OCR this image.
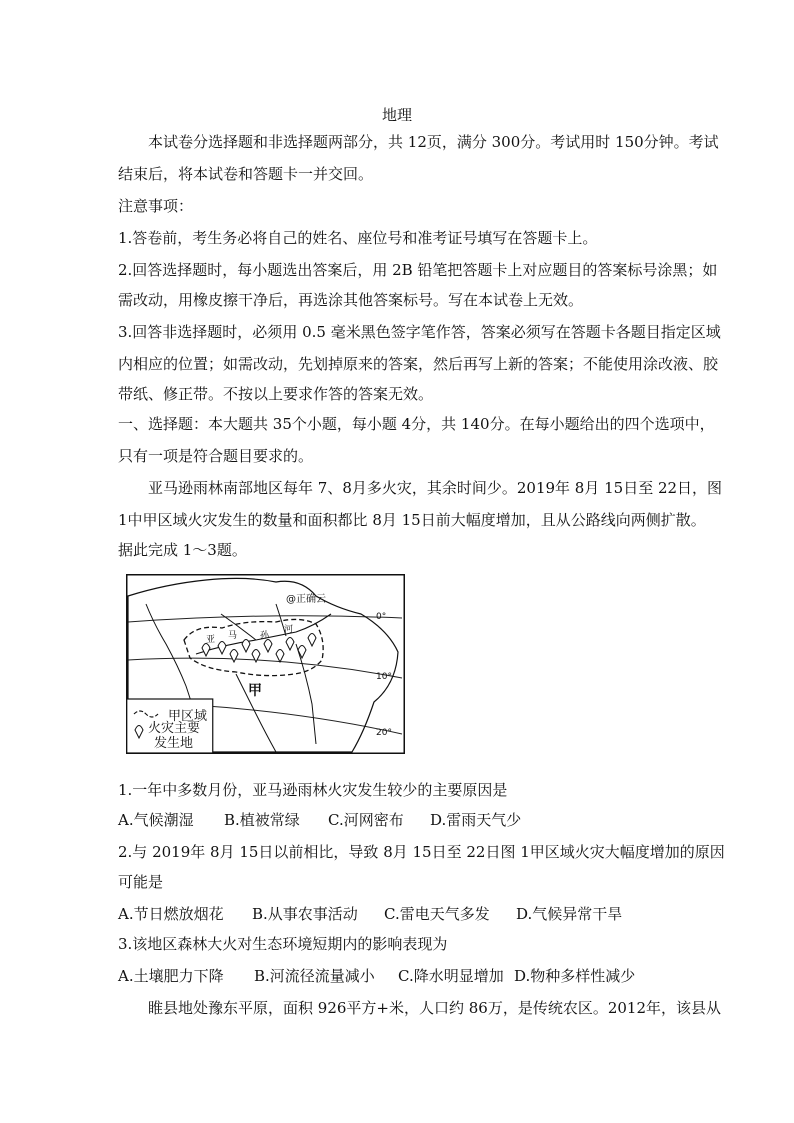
地理
本试卷分选择题和非选择题两部分，共 12页，满分 300分。考试用时 150分钟。考试
结束后，将本试卷和答题卡一并交回。
注意事项：
1.答卷前，考生务必将自己的姓名、座位号和准考证号填写在答题卡上。
2.回答选择题时，每小题选出答案后，用 2B 铅笔把答题卡上对应题目的答案标号涂黑；如
需改动，用橡皮擦干净后，再选涂其他答案标号。写在本试卷上无效。
3.回答非选择题时，必须用 0.5 毫米黑色签字笔作答，答案必须写在答题卡各题目指定区域
内相应的位置；如需改动，先划掉原来的答案，然后再写上新的答案；不能使用涂改液、胶
带纸、修正带。不按以上要求作答的答案无效。
一、选择题：本大题共 35个小题，每小题 4分，共 140分。在每小题给出的四个选项中，
只有一项是符合题目要求的。
亚马逊雨林南部地区每年 7、8月多火灾，其余时间少。2019年 8月 15日至 22日，图
1中甲区域火灾发生的数量和面积都比 8月 15日前大幅度增加，且从公路线向两侧扩散。
据此完成 1～3题。
@正确云
0°
10°
20°
甲
亚 马	孙
河
甲区域
火灾主要
发生地
1.一年中多数月份，亚马逊雨林火灾发生较少的主要原因是
A.气候潮湿 B.植被常绿 C.河网密布 D.雷雨天气少
2.与 2019年 8月 15日以前相比，导致 8月 15日至 22日图 1甲区域火灾大幅度增加的原因
可能是
A.节日燃放烟花 B.从事农事活动 C.雷电天气多发 D.气候异常干旱
3.该地区森林大火对生态环境短期内的影响表现为
A.土壤肥力下降 B.河流径流量减小 C.降水明显增加 D.物种多样性减少
睢县地处豫东平原，面积 926平方+米，人口约 86万，是传统农区。2012年，该县从
